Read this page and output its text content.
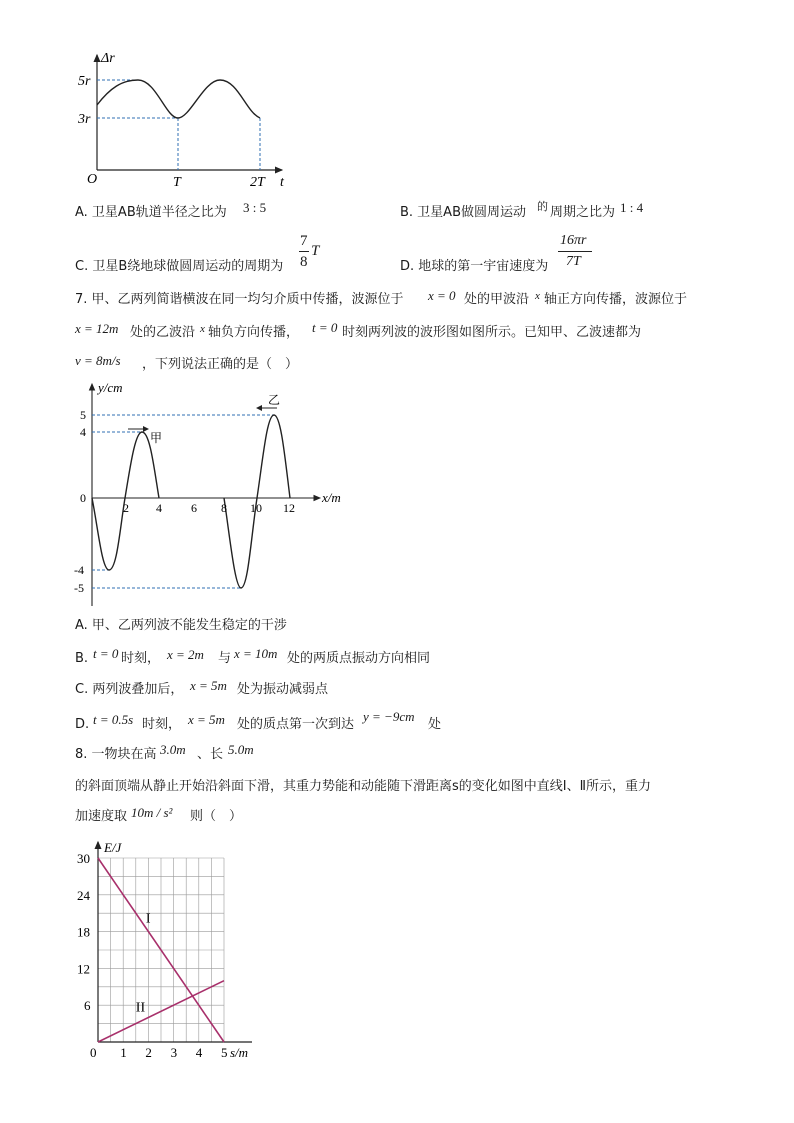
Δr
5r
3r
O	T	2T t
A. 卫星AB轨道半径之比为 3 : 5	B. 卫星AB做圆周运动 的 周期之比为 1 : 4
C. 卫星B绕地球做圆周运动的周期为
7
8
T
D. 地球的第一宇宙速度为
16πr
7T
7. 甲、乙两列简谐横波在同一均匀介质中传播，波源位于 x = 0 处的甲波沿 x 轴正方向传播，波源位于
x = 12m 处的乙波沿 x 轴负方向传播， t = 0 时刻两列波的波形图如图所示。已知甲、乙波速都为
v = 8m/s ，下列说法正确的是（　）
y/cm
x/m
5
4
0
-4
-5
2 4 6 8 10 12
甲
乙
A. 甲、乙两列波不能发生稳定的干涉
B. t = 0 时刻， x = 2m 与 x = 10m 处的两质点振动方向相同
C. 两列波叠加后， x = 5m 处为振动减弱点
D. t = 0.5s 时刻， x = 5m 处的质点第一次到达
y = −9cm
处
8. 一物块在高 3.0m 、长 5.0m
的斜面顶端从静止开始沿斜面下滑，其重力势能和动能随下滑距离s的变化如图中直线Ⅰ、Ⅱ所示，重力
加速度取 10m / s² 则（　）
I
II
0 1 2 3 4 5
6
12
18
24
30
E/J
s/m
